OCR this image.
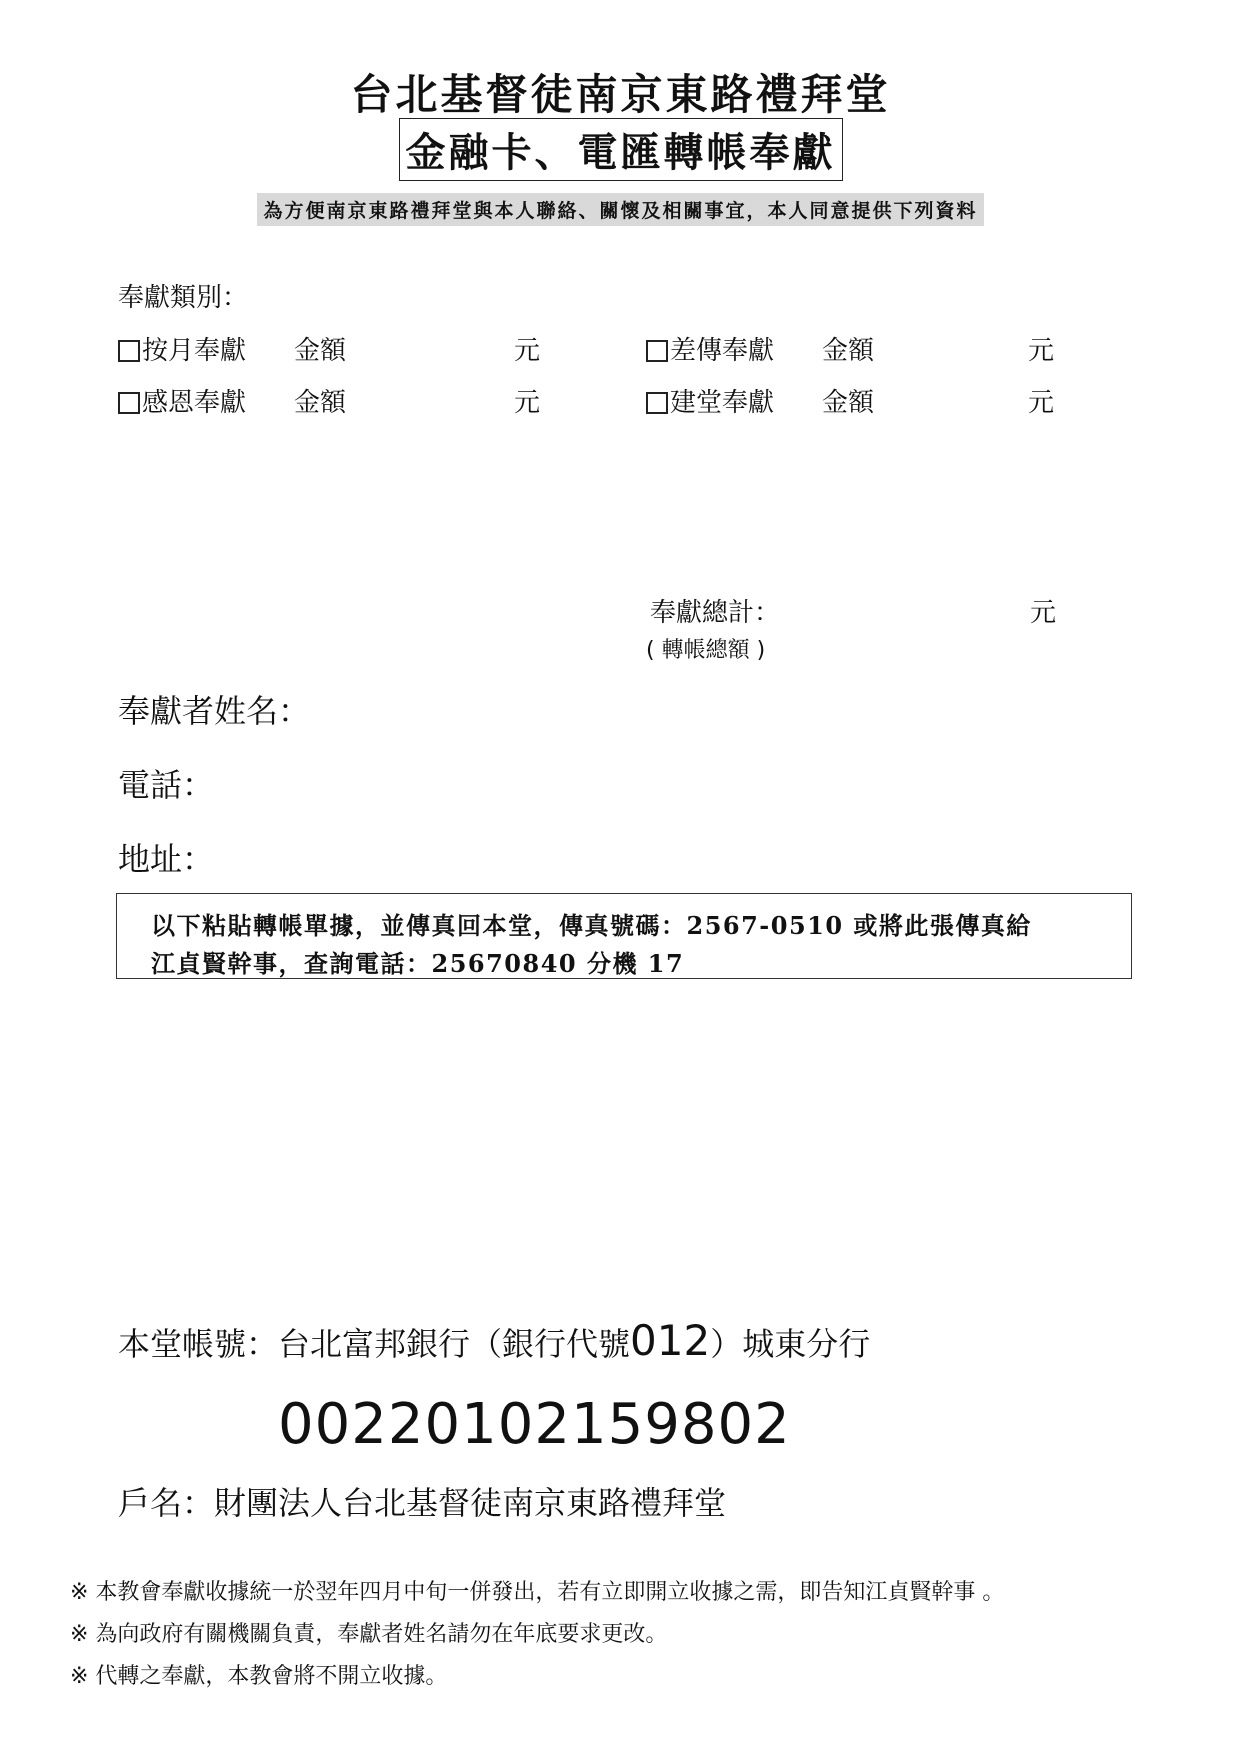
台北基督徒南京東路禮拜堂
金融卡、電匯轉帳奉獻
為方便南京東路禮拜堂與本人聯絡、關懷及相關事宜，本人同意提供下列資料
奉獻類別：
按月奉獻 金額	元	差傳奉獻 金額	元
感恩奉獻 金額	元	建堂奉獻 金額	元
奉獻總計：	元
( 轉帳總額 )
奉獻者姓名：
電話：
地址：
以下粘貼轉帳單據，並傳真回本堂，傳真號碼：2567-0510 或將此張傳真給
江貞賢幹事，查詢電話：25670840 分機 17
本堂帳號：台北富邦銀行（銀行代號012）城東分行
00220102159802
戶名：財團法人台北基督徒南京東路禮拜堂
※ 本教會奉獻收據統一於翌年四月中旬一併發出，若有立即開立收據之需，即告知江貞賢幹事 。
※ 為向政府有關機關負責，奉獻者姓名請勿在年底要求更改。
※ 代轉之奉獻，本教會將不開立收據。
